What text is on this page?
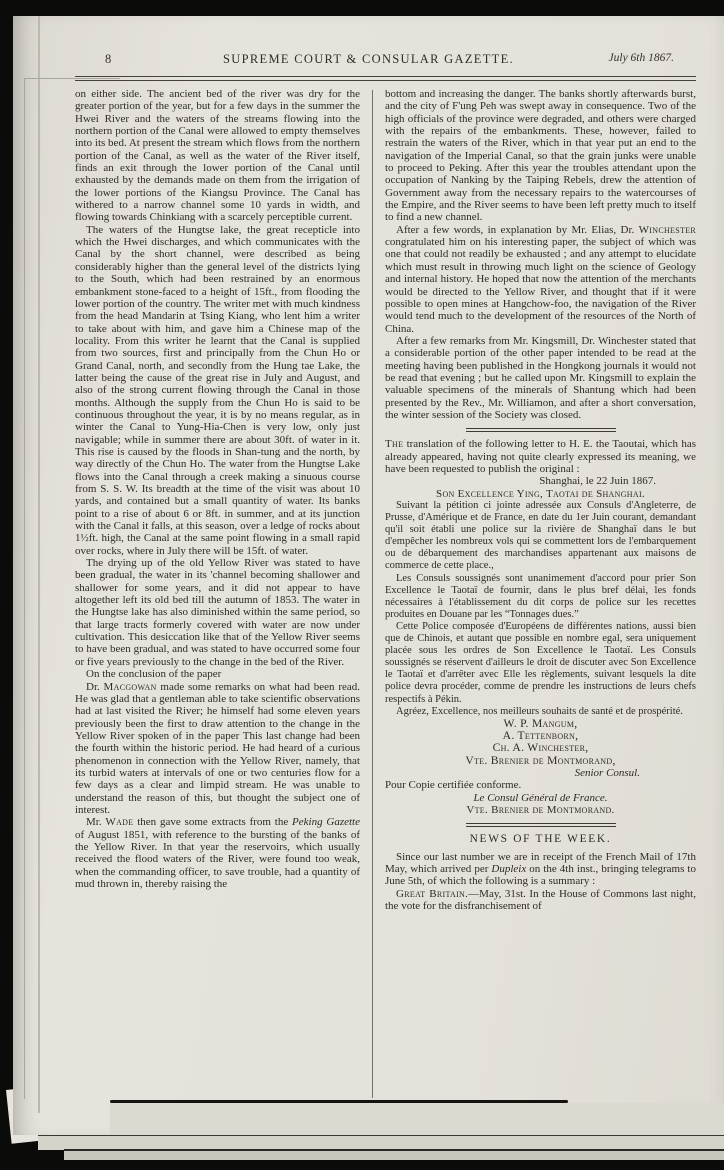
8	SUPREME COURT & CONSULAR GAZETTE.	July 6th 1867.

on either side. The ancient bed of the river was dry for the greater portion of the year, but for a few days in the summer the Hwei River and the waters of the streams flowing into the northern portion of the Canal were allowed to empty themselves into its bed. At present the stream which flows from the northern portion of the Canal, as well as the water of the River itself, finds an exit through the lower portion of the Canal until exhausted by the demands made on them from the irrigation of the lower portions of the Kiangsu Province. The Canal has withered to a narrow channel some 10 yards in width, and flowing towards Chinkiang with a scarcely perceptible current.

The waters of the Hungtse lake, the great recepticle into which the Hwei discharges, and which communicates with the Canal by the short channel, were described as being considerably higher than the general level of the districts lying to the South, which had been restrained by an enormous embankment stone-faced to a height of 15ft., from flooding the lower portion of the country. The writer met with much kindness from the head Mandarin at Tsing Kiang, who lent him a writer to take about with him, and gave him a Chinese map of the locality. From this writer he learnt that the Canal is supplied from two sources, first and principally from the Chun Ho or Grand Canal, north, and secondly from the Hung tae Lake, the latter being the cause of the great rise in July and August, and also of the strong current flowing through the Canal in those months. Although the supply from the Chun Ho is said to be continuous throughout the year, it is by no means regular, as in winter the Canal to Yung-Hia-Chen is very low, only just navigable; while in summer there are about 30ft. of water in it. This rise is caused by the floods in Shan-tung and the north, by way directly of the Chun Ho. The water from the Hungtse Lake flows into the Canal through a creek making a sinuous course from S. S. W. Its breadth at the time of the visit was about 10 yards, and contained but a small quantity of water. Its banks point to a rise of about 6 or 8ft. in summer, and at its junction with the Canal it falls, at this season, over a ledge of rocks about 1½ft. high, the Canal at the same point flowing in a small rapid over rocks, where in July there will be 15ft. of water.

The drying up of the old Yellow River was stated to have been gradual, the water in its 'channel becoming shallower and shallower for some years, and it did not appear to have altogether left its old bed till the autumn of 1853. The water in the Hungtse lake has also diminished within the same period, so that large tracts formerly covered with water are now under cultivation. This desiccation like that of the Yellow River seems to have been gradual, and was stated to have occurred some four or five years previously to the change in the bed of the River.

On the conclusion of the paper

Dr. Macgowan made some remarks on what had been read. He was glad that a gentleman able to take scientific observations had at last visited the River; he himself had some eleven years previously been the first to draw attention to the change in the Yellow River spoken of in the paper This last change had been the fourth within the historic period. He had heard of a curious phenomenon in connection with the Yellow River, namely, that its turbid waters at intervals of one or two centuries flow for a few days as a clear and limpid stream. He was unable to understand the reason of this, but thought the subject one of interest.

Mr. Wade then gave some extracts from the Peking Gazette of August 1851, with reference to the bursting of the banks of the Yellow River. In that year the reservoirs, which usually received the flood waters of the River, were found too weak, when the commanding officer, to save trouble, had a quantity of mud thrown in, thereby raising the

bottom and increasing the danger. The banks shortly afterwards burst, and the city of F'ung Peh was swept away in consequence. Two of the high officials of the province were degraded, and others were charged with the repairs of the embankments. These, however, failed to restrain the waters of the River, which in that year put an end to the navigation of the Imperial Canal, so that the grain junks were unable to proceed to Peking. After this year the troubles attendant upon the occupation of Nanking by the Taiping Rebels, drew the attention of Government away from the necessary repairs to the watercourses of the Empire, and the River seems to have been left pretty much to itself to find a new channel.

After a few words, in explanation by Mr. Elias, Dr. Winchester congratulated him on his interesting paper, the subject of which was one that could not readily be exhausted ; and any attempt to elucidate which must result in throwing much light on the science of Geology and internal history. He hoped that now the attention of the merchants would be directed to the Yellow River, and thought that if it were possible to open mines at Hangchow-foo, the navigation of the River would tend much to the development of the resources of the North of China.

After a few remarks from Mr. Kingsmill, Dr. Winchester stated that a considerable portion of the other paper intended to be read at the meeting having been published in the Hongkong journals it would not be read that evening ; but he called upon Mr. Kingsmill to explain the valuable specimens of the minerals of Shantung which had been presented by the Rev., Mr. Williamon, and after a short conversation, the winter session of the Society was closed.

The translation of the following letter to H. E. the Taoutai, which has already appeared, having not quite clearly expressed its meaning, we have been requested to publish the original :

Shanghai, le 22 Juin 1867.

Son Excellence Ying, Taotai de Shanghai.

Suivant la pétition ci jointe adressée aux Consuls d'Angleterre, de Prusse, d'Amérique et de France, en date du 1er Juin courant, demandant qu'il soit établi une police sur la rivière de Shanghaï dans le but d'empêcher les nombreux vols qui se commettent lors de l'embarquement ou de débarquement des marchandises appartenant aux maisons de commerce de cette place.,

Les Consuls soussignés sont unanimement d'accord pour prier Son Excellence le Taotaï de fournir, dans le plus bref délai, les fonds nécessaires à l'établissement du dit corps de police sur les recettes produites en Douane par les “Tonnages dues.”

Cette Police composée d'Européens de différentes nations, aussi bien que de Chinois, et autant que possible en nombre egal, sera uniquement placée sous les ordres de Son Excellence le Taotaï. Les Consuls soussignés se réservent d'ailleurs le droit de discuter avec Son Excellence le Taotaï et d'arrêter avec Elle les règlements, suivant lesquels la dite police devra procéder, comme de prendre les instructions de leurs chefs respectifs à Pékin.

Agréez, Excellence, nos meilleurs souhaits de santé et de prospérité.

W. P. Mangum,

A. Tettenborn,

Ch. A. Winchester,

Vte. Brenier de Montmorand,

Senior Consul.

Pour Copie certifiée conforme.

Le Consul Général de France.

Vte. Brenier de Montmorand.

NEWS OF THE WEEK.

Since our last number we are in receipt of the French Mail of 17th May, which arrived per Dupleix on the 4th inst., bringing telegrams to June 5th, of which the following is a summary :

Great Britain.—May, 31st. In the House of Commons last night, the vote for the disfranchisement of
